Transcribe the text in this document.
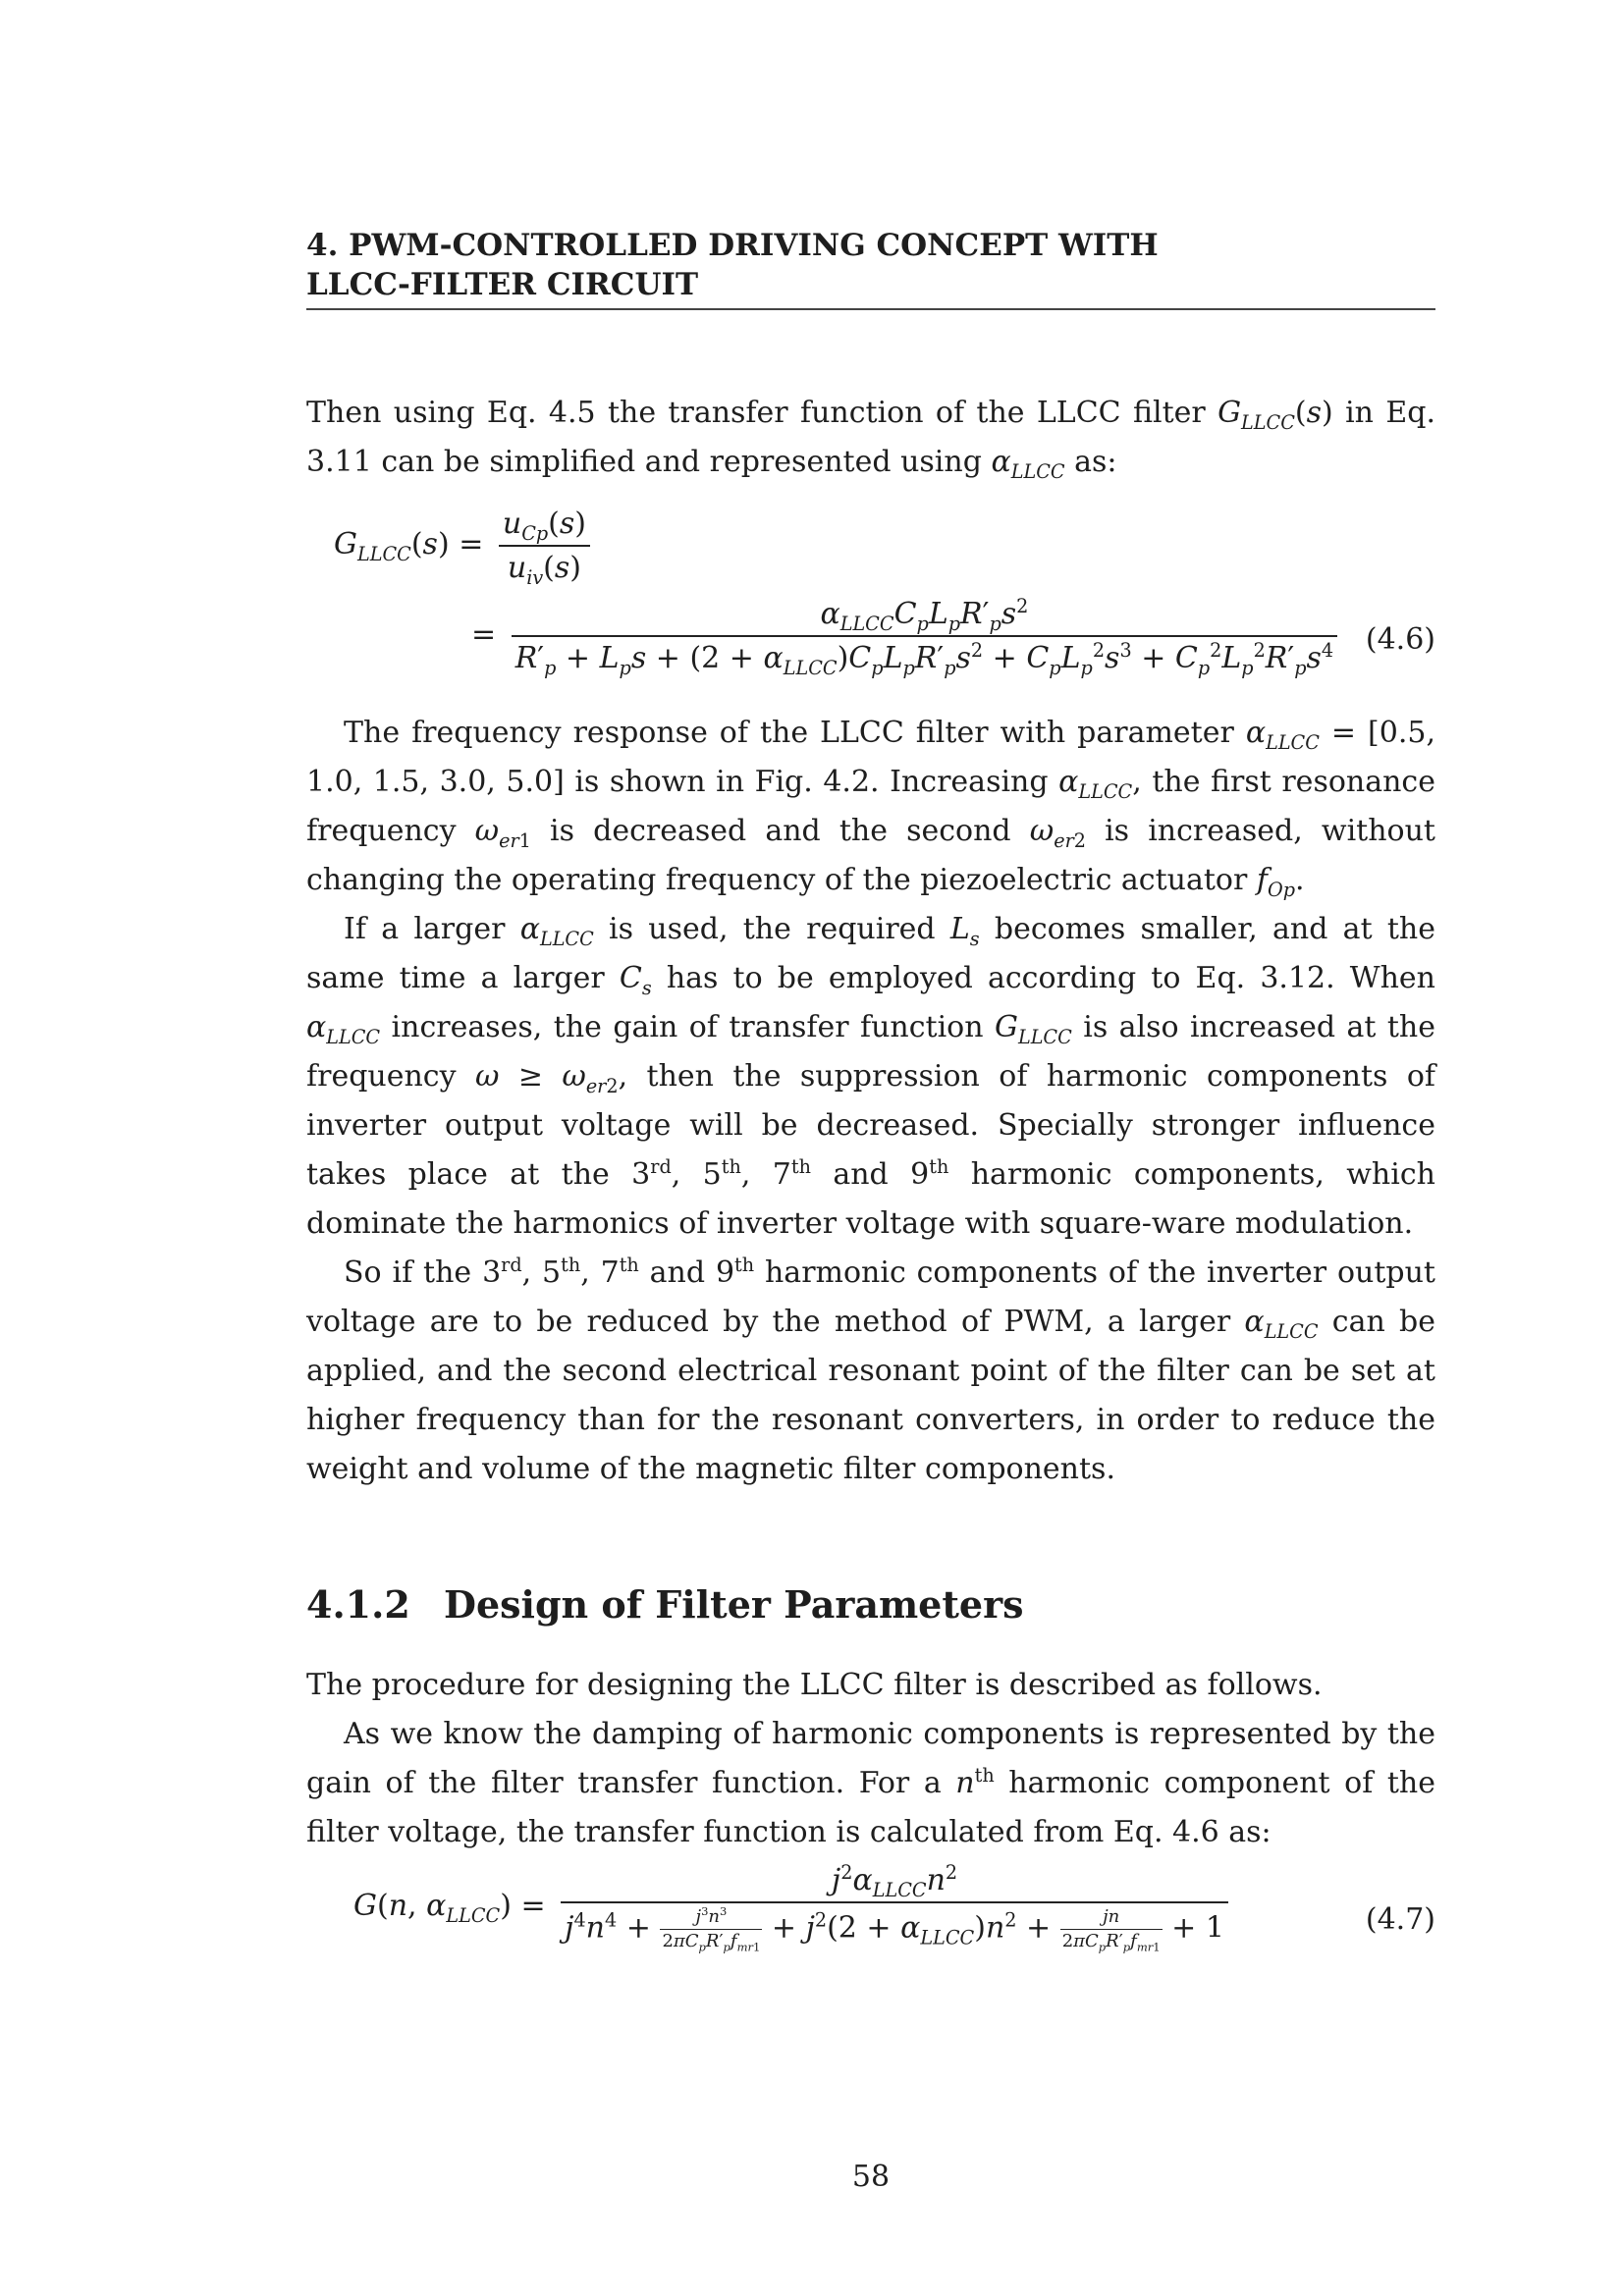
4. PWM-CONTROLLED DRIVING CONCEPT WITH
LLCC-FILTER CIRCUIT

Then using Eq. 4.5 the transfer function of the LLCC filter $G_{LLCC}(s)$ in Eq. 3.11 can be simplified and represented using $\alpha_{LLCC}$ as:

$G_{LLCC}(s) = \frac{u_{Cp}(s)}{u_{iv}(s)}$
= $\frac{\alpha_{LLCC}C_pL_pR'_ps^2}{R'_p + L_ps + (2 + \alpha_{LLCC})C_pL_pR'_ps^2 + C_pL_p^2s^3 + C_p^2L_p^2R'_ps^4} (4.6)$

The frequency response of the LLCC filter with parameter $\alpha_{LLCC} = [0.5$, 1.0, 1.5, 3.0, 5.0] is shown in Fig. 4.2. Increasing $\alpha_{LLCC}$, the first resonance frequency $\omega_{er1}$ is decreased and the second $\omega_{er2}$ is increased, without changing the operating frequency of the piezoelectric actuator $f_{Op}$.

If a larger $\alpha_{LLCC}$ is used, the required $L_s$ becomes smaller, and at the same time a larger $C_s$ has to be employed according to Eq. 3.12. When $\alpha_{LLCC}$ increases, the gain of transfer function $G_{LLCC}$ is also increased at the frequency $\omega \ge \omega_{er2}$, then the suppression of harmonic components of inverter output voltage will be decreased. Specially stronger influence takes place at the 3rd, 5th, 7th and 9th harmonic components, which dominate the harmonics of inverter voltage with square-ware modulation.

So if the 3rd, 5th, 7th and 9th harmonic components of the inverter output voltage are to be reduced by the method of PWM, a larger $\alpha_{LLCC}$ can be applied, and the second electrical resonant point of the filter can be set at higher frequency than for the resonant converters, in order to reduce the weight and volume of the magnetic filter components.

4.1.2 Design of Filter Parameters

The procedure for designing the LLCC filter is described as follows.

As we know the damping of harmonic components is represented by the gain of the filter transfer function. For a $n^{th}$ harmonic component of the filter voltage, the transfer function is calculated from Eq. 4.6 as:

G(n, $\alpha_{LLCC}$) =
$j^2\alpha_{LLCC}n^2$
$j^4n^4 + \frac{j^3n^3}{2\pi C_pR'_pf_{mr1}} + j^2(2 + \alpha_{LLCC})n^2 + \frac{jn}{2\pi C_pR'_pf_{mr1}} + 1$	(4.7)
58
